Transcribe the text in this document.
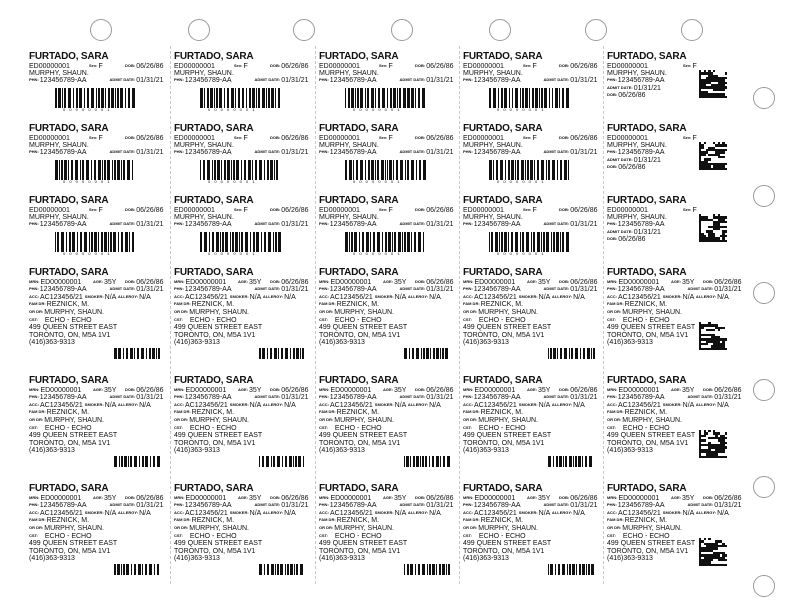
FURTADO, SARA
ED00000001	Sex:F	DOB:06/26/86
MURPHY, SHAUN.
PHN:123456789-AA	ADMIT DATE:01/31/21
0 0 0 0 0 0 0 1
FURTADO, SARA
ED00000001	Sex:F	DOB:06/26/86
MURPHY, SHAUN.
PHN:123456789-AA	ADMIT DATE:01/31/21
0 0 0 0 0 0 0 1
FURTADO, SARA
ED00000001	Sex:F	DOB:06/26/86
MURPHY, SHAUN.
PHN:123456789-AA	ADMIT DATE:01/31/21
0 0 0 0 0 0 0 1
FURTADO, SARA
ED00000001	Sex:F	DOB:06/26/86
MURPHY, SHAUN.
PHN:123456789-AA	ADMIT DATE:01/31/21
0 0 0 0 0 0 0 1
FURTADO, SARA
ED00000001	Sex:F
MURPHY, SHAUN.
PHN:123456789-AA
ADMIT DATE:01/31/21
DOB:06/26/86
FURTADO, SARA
ED00000001	Sex:F	DOB:06/26/86
MURPHY, SHAUN.
PHN:123456789-AA	ADMIT DATE:01/31/21
0 0 0 0 0 0 0 1
FURTADO, SARA
ED00000001	Sex:F	DOB:06/26/86
MURPHY, SHAUN.
PHN:123456789-AA	ADMIT DATE:01/31/21
0 0 0 0 0 0 0 1
FURTADO, SARA
ED00000001	Sex:F	DOB:06/26/86
MURPHY, SHAUN.
PHN:123456789-AA	ADMIT DATE:01/31/21
0 0 0 0 0 0 0 1
FURTADO, SARA
ED00000001	Sex:F	DOB:06/26/86
MURPHY, SHAUN.
PHN:123456789-AA	ADMIT DATE:01/31/21
0 0 0 0 0 0 0 1
FURTADO, SARA
ED00000001	Sex:F
MURPHY, SHAUN.
PHN:123456789-AA
ADMIT DATE:01/31/21
DOB:06/26/86
FURTADO, SARA
ED00000001	Sex:F	DOB:06/26/86
MURPHY, SHAUN.
PHN:123456789-AA	ADMIT DATE:01/31/21
0 0 0 0 0 0 0 1
FURTADO, SARA
ED00000001	Sex:F	DOB:06/26/86
MURPHY, SHAUN.
PHN:123456789-AA	ADMIT DATE:01/31/21
0 0 0 0 0 0 0 1
FURTADO, SARA
ED00000001	Sex:F	DOB:06/26/86
MURPHY, SHAUN.
PHN:123456789-AA	ADMIT DATE:01/31/21
0 0 0 0 0 0 0 1
FURTADO, SARA
ED00000001	Sex:F	DOB:06/26/86
MURPHY, SHAUN.
PHN:123456789-AA	ADMIT DATE:01/31/21
0 0 0 0 0 0 0 1
FURTADO, SARA
ED00000001	Sex:F
MURPHY, SHAUN.
PHN:123456789-AA
ADMIT DATE:01/31/21
DOB:06/26/86
FURTADO, SARA
MRN:ED00000001	AGE:35Y DOB:06/26/86
PHN:123456789-AA	ADMIT DATE:01/31/21
ACC:AC123456/21 SMOKER:N/A ALLERGY:N/A
FAM DR:REZNICK, M.
OR DR:MURPHY, SHAUN.
CST: ECHO - ECHO
499 QUEEN STREET EAST
TORONTO, ON, M5A 1V1
(416)363-9313
FURTADO, SARA
MRN:ED00000001	AGE:35Y DOB:06/26/86
PHN:123456789-AA	ADMIT DATE:01/31/21
ACC:AC123456/21 SMOKER:N/A ALLERGY:N/A
FAM DR:REZNICK, M.
OR DR:MURPHY, SHAUN.
CST: ECHO - ECHO
499 QUEEN STREET EAST
TORONTO, ON, M5A 1V1
(416)363-9313
FURTADO, SARA
MRN:ED00000001	AGE:35Y DOB:06/26/86
PHN:123456789-AA	ADMIT DATE:01/31/21
ACC:AC123456/21 SMOKER:N/A ALLERGY:N/A
FAM DR:REZNICK, M.
OR DR:MURPHY, SHAUN.
CST: ECHO - ECHO
499 QUEEN STREET EAST
TORONTO, ON, M5A 1V1
(416)363-9313
FURTADO, SARA
MRN:ED00000001	AGE:35Y DOB:06/26/86
PHN:123456789-AA	ADMIT DATE:01/31/21
ACC:AC123456/21 SMOKER:N/A ALLERGY:N/A
FAM DR:REZNICK, M.
OR DR:MURPHY, SHAUN.
CST: ECHO - ECHO
499 QUEEN STREET EAST
TORONTO, ON, M5A 1V1
(416)363-9313
FURTADO, SARA
MRN:ED00000001	AGE:35Y DOB:06/26/86
PHN:123456789-AA	ADMIT DATE:01/31/21
ACC:AC123456/21 SMOKER:N/A ALLERGY:N/A
FAM DR:REZNICK, M.
OR DR:MURPHY, SHAUN.
CST: ECHO - ECHO
499 QUEEN STREET EAST
TORONTO, ON, M5A 1V1
(416)363-9313
FURTADO, SARA
MRN:ED00000001	AGE:35Y DOB:06/26/86
PHN:123456789-AA	ADMIT DATE:01/31/21
ACC:AC123456/21 SMOKER:N/A ALLERGY:N/A
FAM DR:REZNICK, M.
OR DR:MURPHY, SHAUN.
CST: ECHO - ECHO
499 QUEEN STREET EAST
TORONTO, ON, M5A 1V1
(416)363-9313
FURTADO, SARA
MRN:ED00000001	AGE:35Y DOB:06/26/86
PHN:123456789-AA	ADMIT DATE:01/31/21
ACC:AC123456/21 SMOKER:N/A ALLERGY:N/A
FAM DR:REZNICK, M.
OR DR:MURPHY, SHAUN.
CST: ECHO - ECHO
499 QUEEN STREET EAST
TORONTO, ON, M5A 1V1
(416)363-9313
FURTADO, SARA
MRN:ED00000001	AGE:35Y DOB:06/26/86
PHN:123456789-AA	ADMIT DATE:01/31/21
ACC:AC123456/21 SMOKER:N/A ALLERGY:N/A
FAM DR:REZNICK, M.
OR DR:MURPHY, SHAUN.
CST: ECHO - ECHO
499 QUEEN STREET EAST
TORONTO, ON, M5A 1V1
(416)363-9313
FURTADO, SARA
MRN:ED00000001	AGE:35Y DOB:06/26/86
PHN:123456789-AA	ADMIT DATE:01/31/21
ACC:AC123456/21 SMOKER:N/A ALLERGY:N/A
FAM DR:REZNICK, M.
OR DR:MURPHY, SHAUN.
CST: ECHO - ECHO
499 QUEEN STREET EAST
TORONTO, ON, M5A 1V1
(416)363-9313
FURTADO, SARA
MRN:ED00000001	AGE:35Y DOB:06/26/86
PHN:123456789-AA	ADMIT DATE:01/31/21
ACC:AC123456/21 SMOKER:N/A ALLERGY:N/A
FAM DR:REZNICK, M.
OR DR:MURPHY, SHAUN.
CST: ECHO - ECHO
499 QUEEN STREET EAST
TORONTO, ON, M5A 1V1
(416)363-9313
FURTADO, SARA
MRN:ED00000001	AGE:35Y DOB:06/26/86
PHN:123456789-AA	ADMIT DATE:01/31/21
ACC:AC123456/21 SMOKER:N/A ALLERGY:N/A
FAM DR:REZNICK, M.
OR DR:MURPHY, SHAUN.
CST: ECHO - ECHO
499 QUEEN STREET EAST
TORONTO, ON, M5A 1V1
(416)363-9313
FURTADO, SARA
MRN:ED00000001	AGE:35Y DOB:06/26/86
PHN:123456789-AA	ADMIT DATE:01/31/21
ACC:AC123456/21 SMOKER:N/A ALLERGY:N/A
FAM DR:REZNICK, M.
OR DR:MURPHY, SHAUN.
CST: ECHO - ECHO
499 QUEEN STREET EAST
TORONTO, ON, M5A 1V1
(416)363-9313
FURTADO, SARA
MRN:ED00000001	AGE:35Y DOB:06/26/86
PHN:123456789-AA	ADMIT DATE:01/31/21
ACC:AC123456/21 SMOKER:N/A ALLERGY:N/A
FAM DR:REZNICK, M.
OR DR:MURPHY, SHAUN.
CST: ECHO - ECHO
499 QUEEN STREET EAST
TORONTO, ON, M5A 1V1
(416)363-9313
FURTADO, SARA
MRN:ED00000001	AGE:35Y DOB:06/26/86
PHN:123456789-AA	ADMIT DATE:01/31/21
ACC:AC123456/21 SMOKER:N/A ALLERGY:N/A
FAM DR:REZNICK, M.
OR DR:MURPHY, SHAUN.
CST: ECHO - ECHO
499 QUEEN STREET EAST
TORONTO, ON, M5A 1V1
(416)363-9313
FURTADO, SARA
MRN:ED00000001	AGE:35Y DOB:06/26/86
PHN:123456789-AA	ADMIT DATE:01/31/21
ACC:AC123456/21 SMOKER:N/A ALLERGY:N/A
FAM DR:REZNICK, M.
OR DR:MURPHY, SHAUN.
CST: ECHO - ECHO
499 QUEEN STREET EAST
TORONTO, ON, M5A 1V1
(416)363-9313
